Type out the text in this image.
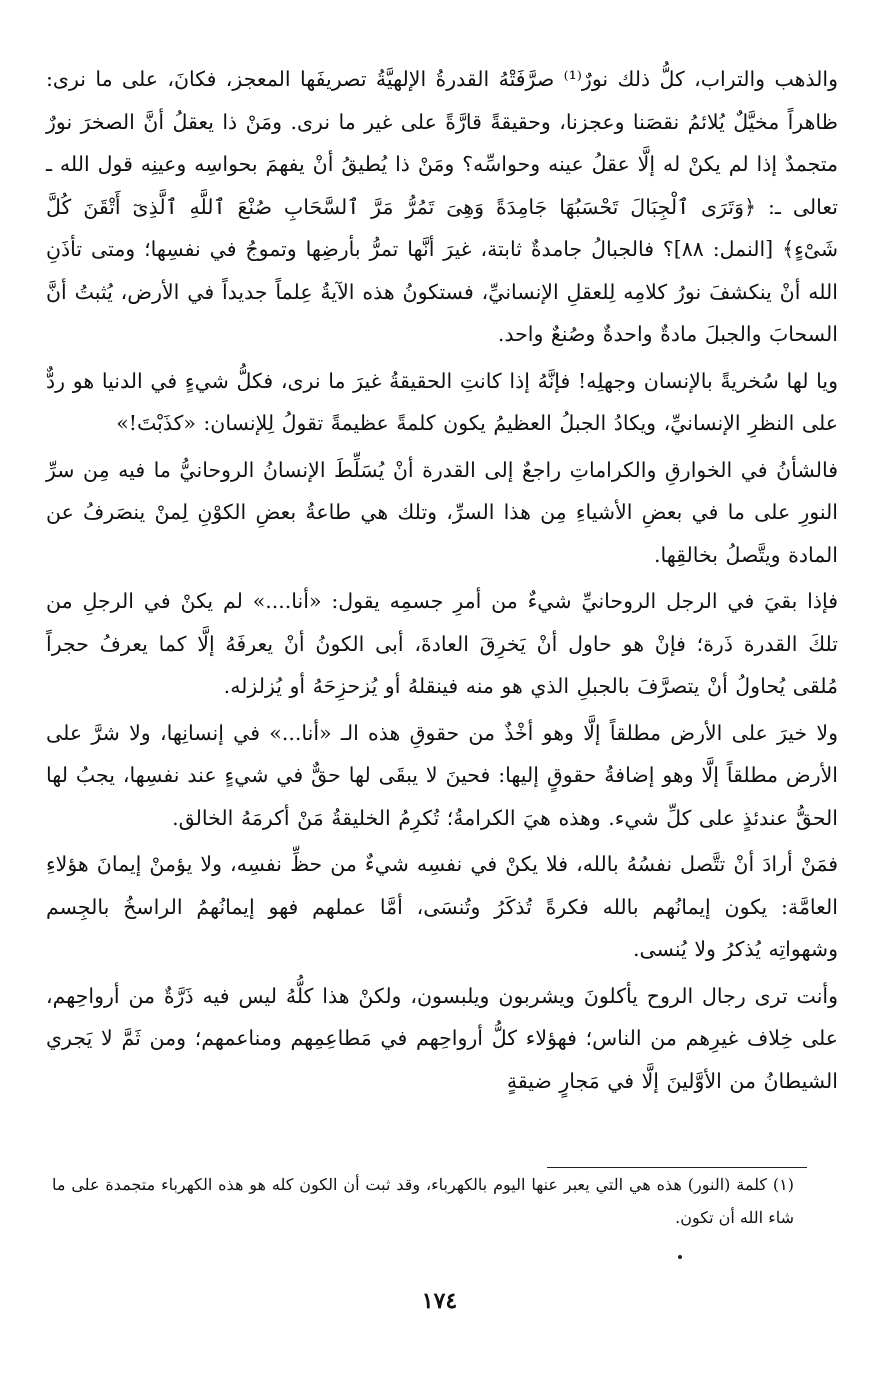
والذهب والتراب، كلُّ ذلك نورٌ⁽¹⁾ صرَّفَتْهُ القدرةُ الإلهيَّةُ تصريفَها المعجز، فكانَ، على ما نرى: ظاهراً مخيَّلٌ يُلائمُ نقصَنا وعجزنا، وحقيقةً قارَّةً على غير ما نرى. ومَنْ ذا يعقلُ أنَّ الصخرَ نورٌ متجمدٌ إذا لم يكنْ له إلَّا عقلُ عينه وحواسِّه؟ ومَنْ ذا يُطيقُ أنْ يفهمَ بحواسِه وعينِه قول الله ـ تعالى ـ: ﴿وَتَرَى ٱلْجِبَالَ تَحْسَبُهَا جَامِدَةً وَهِىَ تَمُرُّ مَرَّ ٱلسَّحَابِ صُنْعَ ٱللَّهِ ٱلَّذِىٓ أَتْقَنَ كُلَّ شَىْءٍ﴾ [النمل: ٨٨]؟ فالجبالُ جامدةٌ ثابتة، غيرَ أنَّها تمرُّ بأرضِها وتموجُ في نفسِها؛ ومتى تأذَنِ الله أنْ ينكشفَ نورُ كلامِه لِلعقلِ الإنسانيِّ، فستكونُ هذه الآيةُ عِلماً جديداً في الأرض، يُثبتُ أنَّ السحابَ والجبلَ مادةٌ واحدةٌ وصُنعٌ واحد.

ويا لها سُخريةً بالإنسان وجهلِه! فإنَّهُ إذا كانتِ الحقيقةُ غيرَ ما نرى، فكلُّ شيءٍ في الدنيا هو ردٌّ على النظرِ الإنسانيِّ، ويكادُ الجبلُ العظيمُ يكون كلمةً عظيمةً تقولُ لِلإنسان: «كذَبْتَ!»

فالشأنُ في الخوارقِ والكراماتِ راجعٌ إلى القدرة أنْ يُسَلِّطَ الإنسانُ الروحانيُّ ما فيه مِن سرِّ النورِ على ما في بعضِ الأشياءِ مِن هذا السرِّ، وتلك هي طاعةُ بعضِ الكوْنِ لِمنْ ينصَرفُ عن المادة ويتَّصلُ بخالقِها.

فإذا بقيَ في الرجل الروحانيِّ شيءٌ من أمرِ جسمِه يقول: «أنا....» لم يكنْ في الرجلِ من تلكَ القدرة ذَرة؛ فإنْ هو حاول أنْ يَخرِقَ العادةَ، أبى الكونُ أنْ يعرفَهُ إلَّا كما يعرفُ حجراً مُلقى يُحاولُ أنْ يتصرَّفَ بالجبلِ الذي هو منه فينقلهُ أو يُزحزِحَهُ أو يُزلزله.

ولا خيرَ على الأرض مطلقاً إلَّا وهو أخْذٌ من حقوقِ هذه الـ «أنا...» في إنسانِها، ولا شرَّ على الأرض مطلقاً إلَّا وهو إضافةُ حقوقٍ إليها: فحينَ لا يبقَى لها حقٌّ في شيءٍ عند نفسِها، يجبُ لها الحقُّ عندئذٍ على كلِّ شيء. وهذه هيَ الكرامةُ؛ تُكرِمُ الخليقةُ مَنْ أكرمَهُ الخالق.

فمَنْ أرادَ أنْ تتَّصل نفسُهُ بالله، فلا يكنْ في نفسِه شيءٌ من حظِّ نفسِه، ولا يؤمنْ إيمانَ هؤلاءِ العامَّة: يكون إيمانُهم بالله فكرةً تُذكَرُ وتُنسَى، أمَّا عملهم فهو إيمانُهمُ الراسخُ بالجِسم وشهواتِه يُذكرُ ولا يُنسى.

وأنت ترى رجال الروح يأكلونَ ويشربون ويلبسون، ولكنْ هذا كلُّهُ ليس فيه ذَرَّةٌ من أرواحِهم، على خِلاف غيرِهم من الناس؛ فهؤلاء كلُّ أرواحِهم في مَطاعِمِهم ومناعمهم؛ ومن ثَمَّ لا يَجري الشيطانُ من الأوَّلينَ إلَّا في مَجارٍ ضيقةٍ

(١) كلمة (النور) هذه هي التي يعبر عنها اليوم بالكهرباء، وقد ثبت أن الكون كله هو هذه الكهرباء متجمدة على ما شاء الله أن تكون.

١٧٤
